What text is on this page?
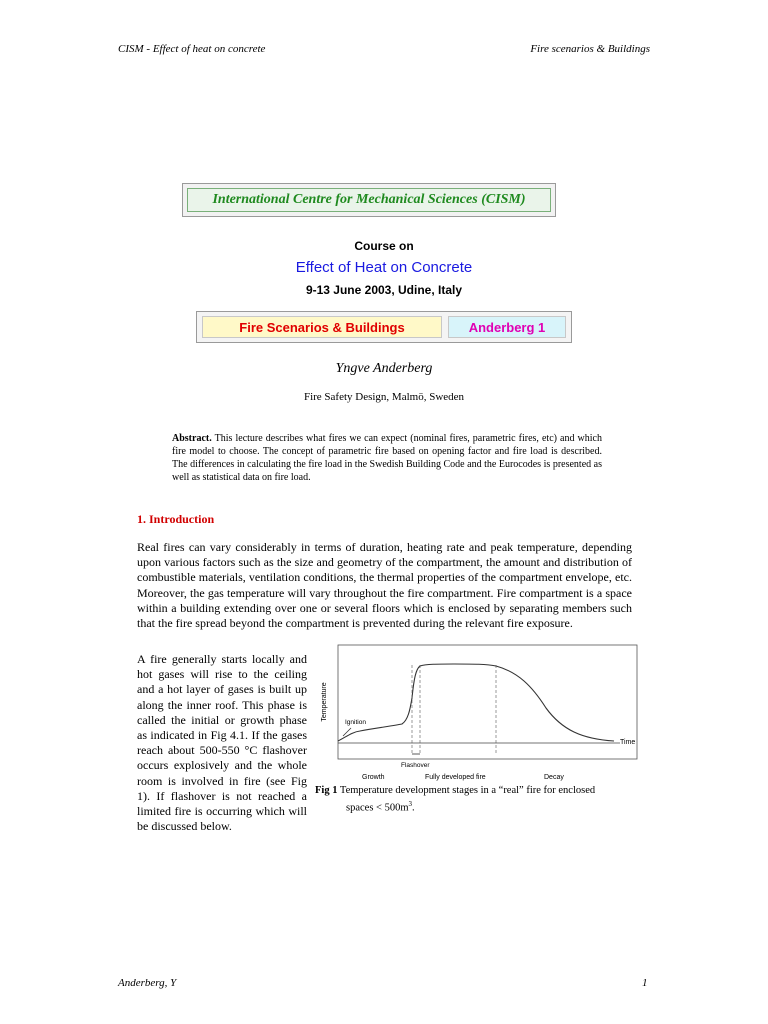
CISM - Effect of heat on concrete	Fire scenarios & Buildings
International Centre for Mechanical Sciences (CISM)
Course on
Effect of Heat on Concrete
9-13 June 2003, Udine, Italy
Fire Scenarios & Buildings	Anderberg 1
Yngve Anderberg
Fire Safety Design, Malmö, Sweden
Abstract. This lecture describes what fires we can expect (nominal fires, parametric fires, etc) and which fire model to choose. The concept of parametric fire based on opening factor and fire load is described. The differences in calculating the fire load in the Swedish Building Code and the Eurocodes is presented as well as statistical data on fire load.
1. Introduction
Real fires can vary considerably in terms of duration, heating rate and peak temperature, depending upon various factors such as the size and geometry of the compartment, the amount and distribution of combustible materials, ventilation conditions, the thermal properties of the compartment envelope, etc. Moreover, the gas temperature will vary throughout the fire compartment. Fire compartment is a space within a building extending over one or several floors which is enclosed by separating members such that the fire spread beyond the compartment is prevented during the relevant fire exposure.
A fire generally starts locally and hot gases will rise to the ceiling and a hot layer of gases is built up along the inner roof. This phase is called the initial or growth phase as indicated in Fig 4.1. If the gases reach about 500-550 °C flashover occurs explosively and the whole room is involved in fire (see Fig 1). If flashover is not reached a limited fire is occurring which will be discussed below.
Temperature
Time
Ignition
Flashover
Growth	Fully developed fire	Decay
Fig 1 Temperature development stages in a “real” fire for enclosed
spaces < $500m^3$.
Anderberg, Y	1
